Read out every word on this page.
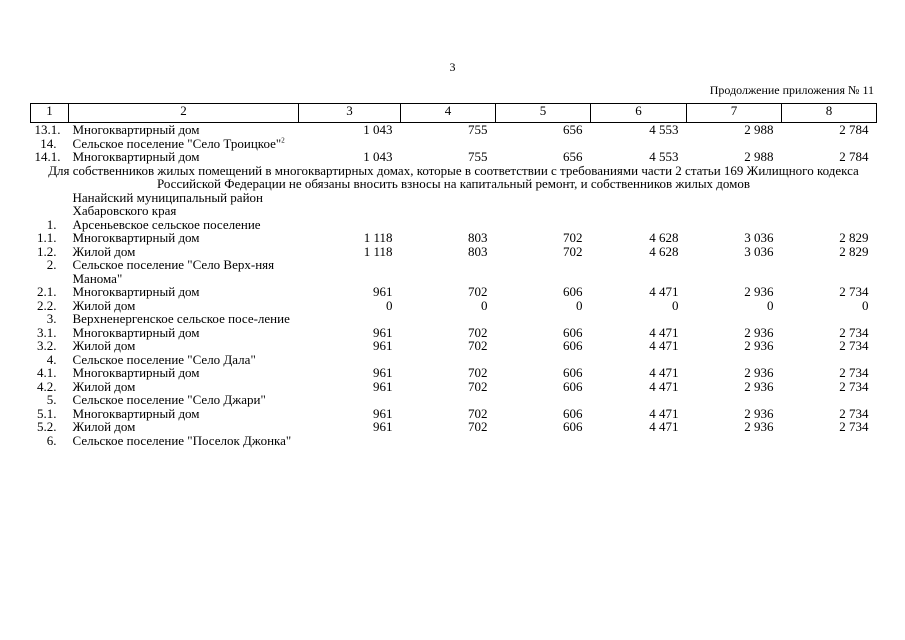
3
Продолжение приложения № 11
1	2	3	4	5	6	7	8
13.1.	Многоквартирный дом	1 043	755	656	4 553	2 988	2 784
14.	Сельское поселение "Село Троицкое"$^2$						
14.1.	Многоквартирный дом	1 043	755	656	4 553	2 988	2 784
Для собственников жилых помещений в многоквартирных домах, которые в соответствии с требованиями части 2 статьи 169 Жилищного кодекса Российской Федерации не обязаны вносить взносы на капитальный ремонт, и собственников жилых домов							
	Нанайский муниципальный район Хабаровского края						
1.	Арсеньевское сельское поселение						
1.1.	Многоквартирный дом	1 118	803	702	4 628	3 036	2 829
1.2.	Жилой дом	1 118	803	702	4 628	3 036	2 829
2.	Сельское поселение "Село Верх-няя Манома"						
2.1.	Многоквартирный дом	961	702	606	4 471	2 936	2 734
2.2.	Жилой дом	0	0	0	0	0	0
3.	Верхненергенское сельское посе-ление						
3.1.	Многоквартирный дом	961	702	606	4 471	2 936	2 734
3.2.	Жилой дом	961	702	606	4 471	2 936	2 734
4.	Сельское поселение "Село Дала"						
4.1.	Многоквартирный дом	961	702	606	4 471	2 936	2 734
4.2.	Жилой дом	961	702	606	4 471	2 936	2 734
5.	Сельское поселение "Село Джари"						
5.1.	Многоквартирный дом	961	702	606	4 471	2 936	2 734
5.2.	Жилой дом	961	702	606	4 471	2 936	2 734
6.	Сельское поселение "Поселок Джонка"						
